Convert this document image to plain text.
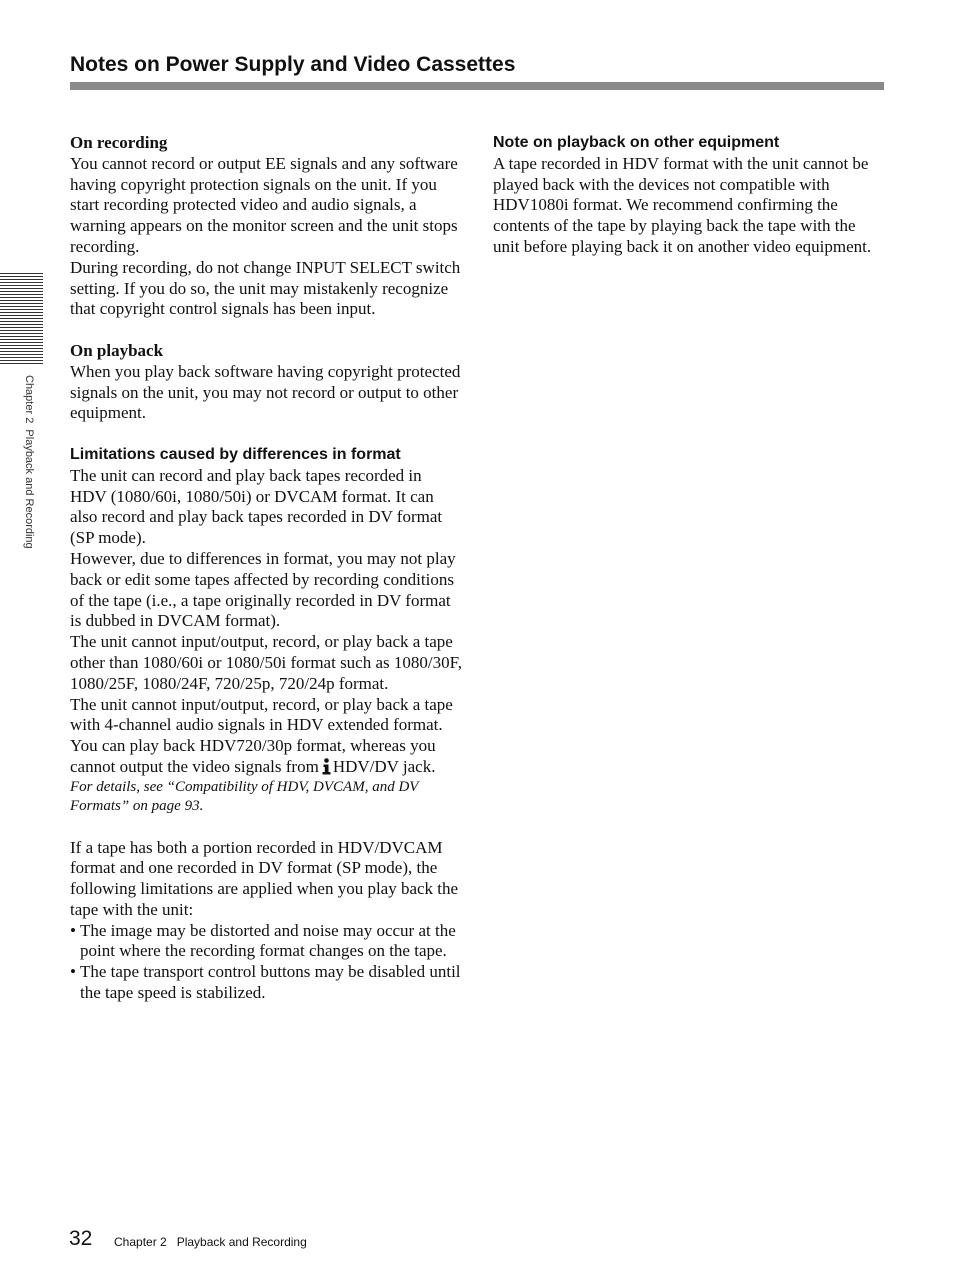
Notes on Power Supply and Video Cassettes
Chapter 2  Playback and Recording
On recording

You cannot record or output EE signals and any software having copyright protection signals on the unit. If you start recording protected video and audio signals, a warning appears on the monitor screen and the unit stops recording.

During recording, do not change INPUT SELECT switch setting. If you do so, the unit may mistakenly recognize that copyright control signals has been input.

On playback

When you play back software having copyright protected signals on the unit, you may not record or output to other equipment.

Limitations caused by differences in format

The unit can record and play back tapes recorded in HDV (1080/60i, 1080/50i) or DVCAM format. It can also record and play back tapes recorded in DV format (SP mode).

However, due to differences in format, you may not play back or edit some tapes affected by recording conditions of the tape (i.e., a tape originally recorded in DV format is dubbed in DVCAM format).

The unit cannot input/output, record, or play back a tape other than 1080/60i or 1080/50i format such as 1080/30F, 1080/25F, 1080/24F, 720/25p, 720/24p format.

The unit cannot input/output, record, or play back a tape with 4-channel audio signals in HDV extended format.

You can play back HDV720/30p format, whereas you cannot output the video signals from HDV/DV jack.

For details, see “Compatibility of HDV, DVCAM, and DV Formats” on page 93.

If a tape has both a portion recorded in HDV/DVCAM format and one recorded in DV format (SP mode), the following limitations are applied when you play back the tape with the unit:

• The image may be distorted and noise may occur at the point where the recording format changes on the tape.
• The tape transport control buttons may be disabled until the tape speed is stabilized.
Note on playback on other equipment

A tape recorded in HDV format with the unit cannot be played back with the devices not compatible with HDV1080i format. We recommend confirming the contents of the tape by playing back the tape with the unit before playing back it on another video equipment.

32 Chapter 2   Playback and Recording
